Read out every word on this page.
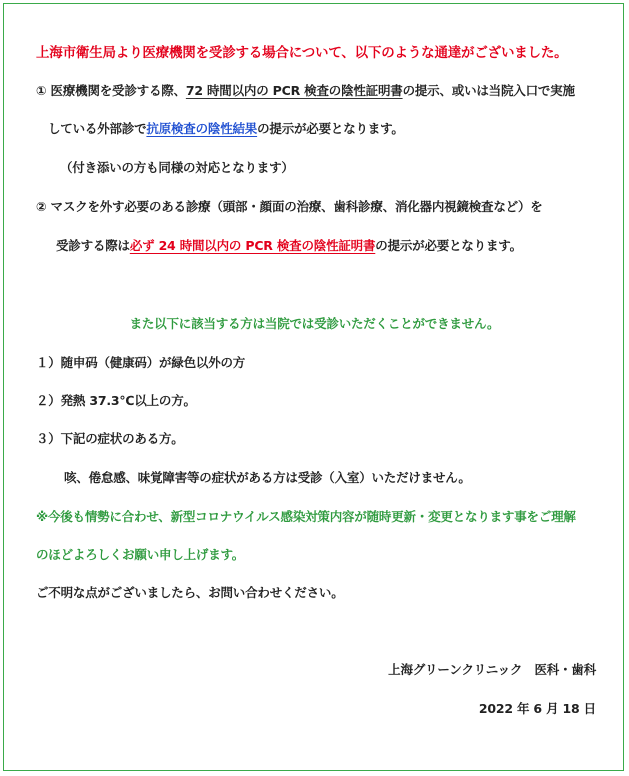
上海市衛生局より医療機関を受診する場合について、以下のような通達がございました。
① 医療機関を受診する際、72 時間以内の PCR 検査の陰性証明書の提示、或いは当院入口で実施
している外部診で抗原検査の陰性結果の提示が必要となります。
（付き添いの方も同様の対応となります）
② マスクを外す必要のある診療（頭部・顔面の治療、歯科診療、消化器内視鏡検査など）を
受診する際は必ず 24 時間以内の PCR 検査の陰性証明書の提示が必要となります。
また以下に該当する方は当院では受診いただくことができません。
１）随申码（健康码）が緑色以外の方
２）発熱 37.3℃以上の方。
３）下記の症状のある方。
咳、倦怠感、味覚障害等の症状がある方は受診（入室）いただけません。
※今後も情勢に合わせ、新型コロナウイルス感染対策内容が随時更新・変更となります事をご理解
のほどよろしくお願い申し上げます。
ご不明な点がございましたら、お問い合わせください。
上海グリーンクリニック　医科・歯科
2022 年 6 月 18 日
